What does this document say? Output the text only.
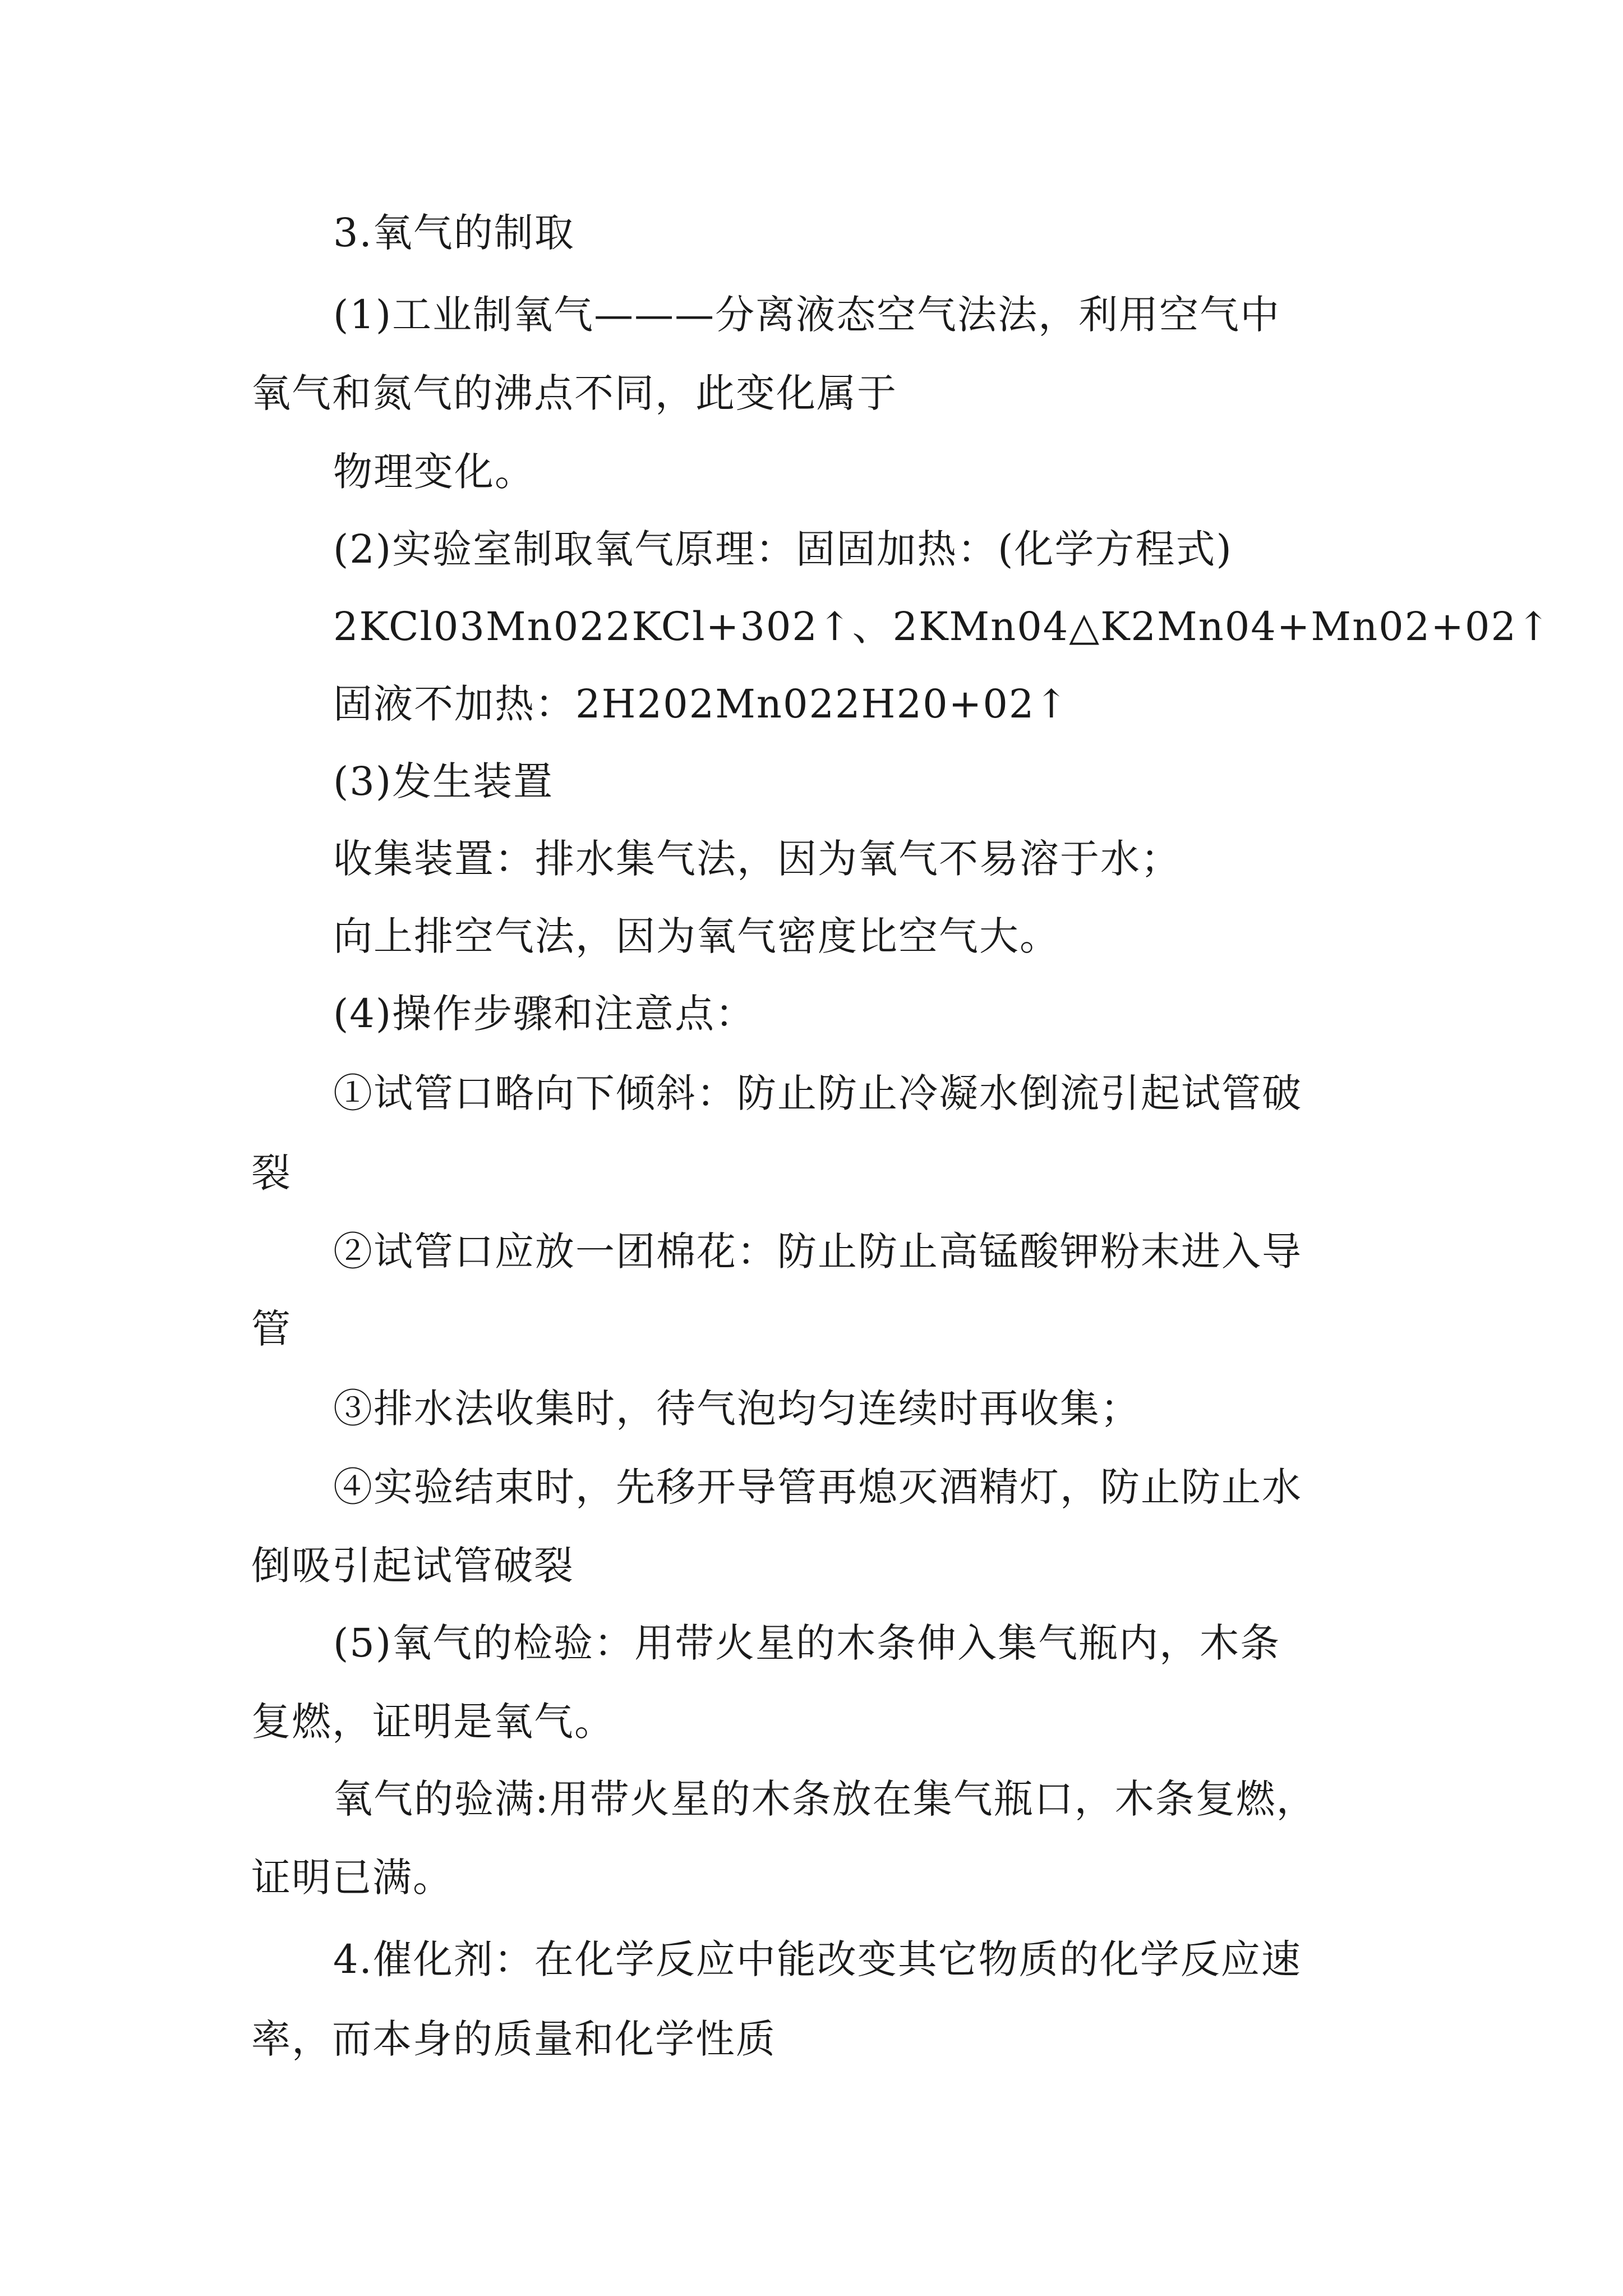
3.氧气的制取
(1)工业制氧气———分离液态空气法法，利用空气中
氧气和氮气的沸点不同，此变化属于
物理变化。
(2)实验室制取氧气原理：固固加热：(化学方程式)
2KCl03Mn022KCl+302↑、2KMn04△K2Mn04+Mn02+02↑
固液不加热：2H202Mn022H20+02↑
(3)发生装置
收集装置：排水集气法，因为氧气不易溶于水；
向上排空气法，因为氧气密度比空气大。
(4)操作步骤和注意点：
①试管口略向下倾斜：防止防止冷凝水倒流引起试管破
裂
②试管口应放一团棉花：防止防止高锰酸钾粉末进入导
管
③排水法收集时，待气泡均匀连续时再收集；
④实验结束时，先移开导管再熄灭酒精灯，防止防止水
倒吸引起试管破裂
(5)氧气的检验：用带火星的木条伸入集气瓶内，木条
复燃，证明是氧气。
氧气的验满:用带火星的木条放在集气瓶口，木条复燃，
证明已满。
4.催化剂：在化学反应中能改变其它物质的化学反应速
率，而本身的质量和化学性质
